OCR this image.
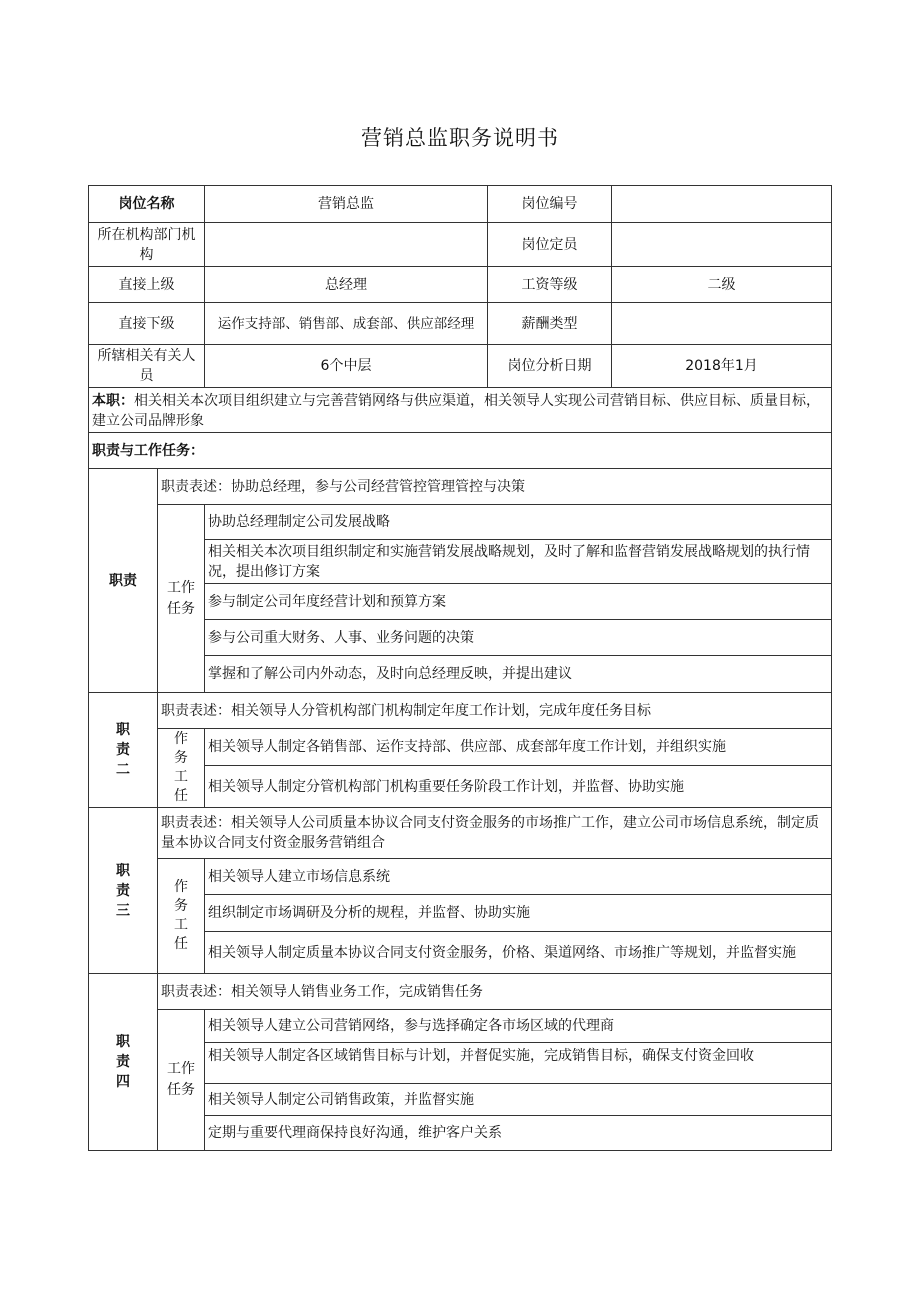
营销总监职务说明书
岗位名称		营销总监	岗位编号	
所在机构部门机构			岗位定员	
直接上级		总经理	工资等级	二级
直接下级		运作支持部、销售部、成套部、供应部经理	薪酬类型	
所辖相关有关人员		6个中层	岗位分析日期	2018年1月
本职：相关相关本次项目组织建立与完善营销网络与供应渠道，相关领导人实现公司营销目标、供应目标、质量目标，建立公司品牌形象				
职责与工作任务：				
职责	职责表述：协助总经理，参与公司经营管控管理管控与决策			
	工作任务	协助总经理制定公司发展战略		
		相关相关本次项目组织制定和实施营销发展战略规划，及时了解和监督营销发展战略规划的执行情况，提出修订方案		
		参与制定公司年度经营计划和预算方案		
		参与公司重大财务、人事、业务问题的决策		
		掌握和了解公司内外动态，及时向总经理反映，并提出建议		
职责二	职责表述：相关领导人分管机构部门机构制定年度工作计划，完成年度任务目标			
	作务工任	相关领导人制定各销售部、运作支持部、供应部、成套部年度工作计划，并组织实施		
		相关领导人制定分管机构部门机构重要任务阶段工作计划，并监督、协助实施		
职责三	职责表述：相关领导人公司质量本协议合同支付资金服务的市场推广工作，建立公司市场信息系统，制定质量本协议合同支付资金服务营销组合			
	作务工任	相关领导人建立市场信息系统		
		组织制定市场调研及分析的规程，并监督、协助实施		
		相关领导人制定质量本协议合同支付资金服务，价格、渠道网络、市场推广等规划，并监督实施		
职责四	职责表述：相关领导人销售业务工作，完成销售任务			
	工作任务	相关领导人建立公司营销网络，参与选择确定各市场区域的代理商		
		相关领导人制定各区域销售目标与计划，并督促实施，完成销售目标，确保支付资金回收		
		相关领导人制定公司销售政策，并监督实施		
		定期与重要代理商保持良好沟通，维护客户关系		
